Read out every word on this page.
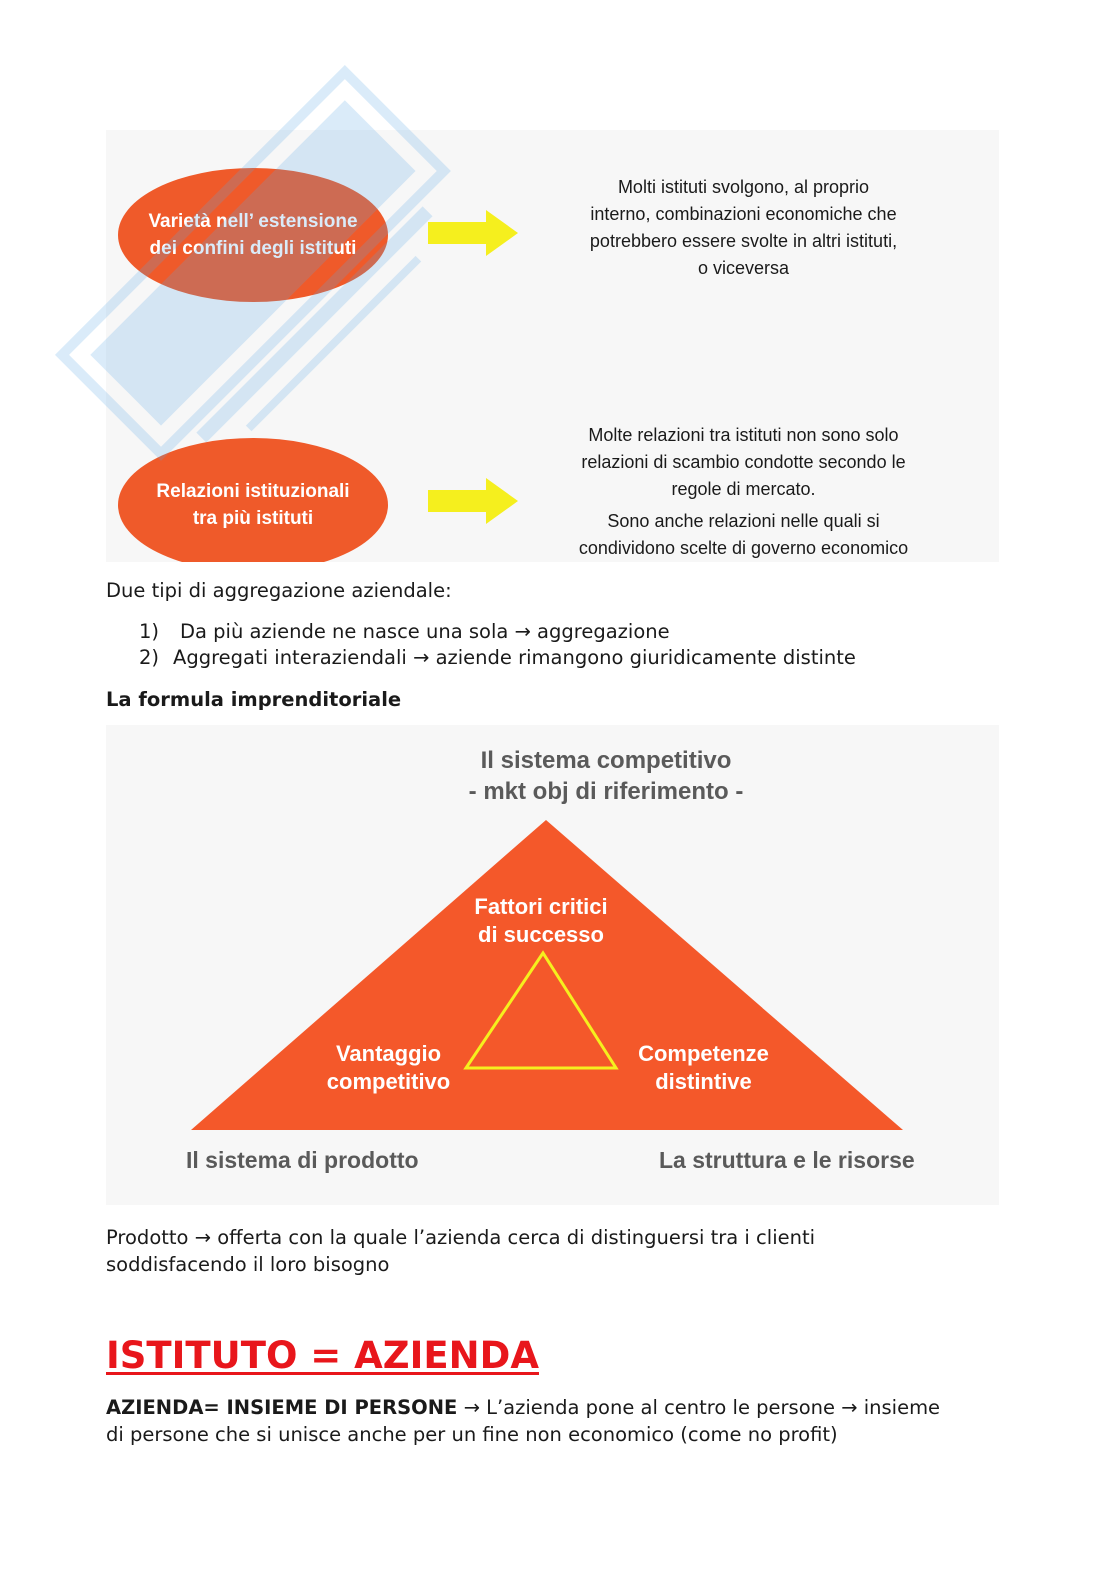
Varietà nell’ estensione
dei confini degli istituti
Molti istituti svolgono, al proprio
interno, combinazioni economiche che
potrebbero essere svolte in altri istituti,
o viceversa
Relazioni istituzionali
tra più istituti
Molte relazioni tra istituti non sono solo
relazioni di scambio condotte secondo le
regole di mercato.
Sono anche relazioni nelle quali si
condividono scelte di governo economico
Due tipi di aggregazione aziendale:
1) Da più aziende ne nasce una sola → aggregazione
2) Aggregati interaziendali → aziende rimangono giuridicamente distinte
La formula imprenditoriale
Il sistema competitivo
- mkt obj di riferimento -
Fattori critici
di successo
Vantaggio
competitivo
Competenze
distintive
Il sistema di prodotto	La struttura e le risorse
Prodotto → offerta con la quale l’azienda cerca di distinguersi tra i clienti
soddisfacendo il loro bisogno
ISTITUTO = AZIENDA
AZIENDA= INSIEME DI PERSONE → L’azienda pone al centro le persone → insieme
di persone che si unisce anche per un fine non economico (come no profit)
